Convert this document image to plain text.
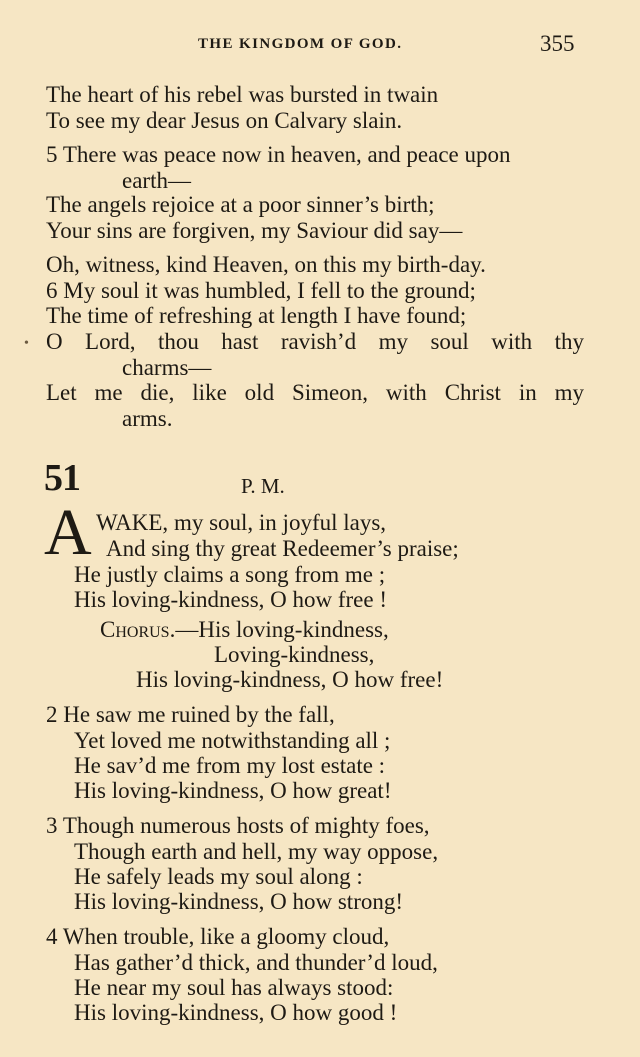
THE KINGDOM OF GOD.	355
The heart of his rebel was bursted in twain
To see my dear Jesus on Calvary slain.
5 There was peace now in heaven, and peace upon
earth—
The angels rejoice at a poor sinner’s birth;
Your sins are forgiven, my Saviour did say—
Oh, witness, kind Heaven, on this my birth-day.
6 My soul it was humbled, I fell to the ground;
The time of refreshing at length I have found;
• O Lord, thou hast ravish’d my soul with thy
charms—
Let me die, like old Simeon, with Christ in my
arms.
51	P. M.
A WAKE, my soul, in joyful lays,
And sing thy great Redeemer’s praise;
He justly claims a song from me ;
His loving-kindness, O how free !
Chorus.—His loving-kindness,
Loving-kindness,
His loving-kindness, O how free!
2 He saw me ruined by the fall,
Yet loved me notwithstanding all ;
He sav’d me from my lost estate :
His loving-kindness, O how great!
3 Though numerous hosts of mighty foes,
Though earth and hell, my way oppose,
He safely leads my soul along :
His loving-kindness, O how strong!
4 When trouble, like a gloomy cloud,
Has gather’d thick, and thunder’d loud,
He near my soul has always stood:
His loving-kindness, O how good !
